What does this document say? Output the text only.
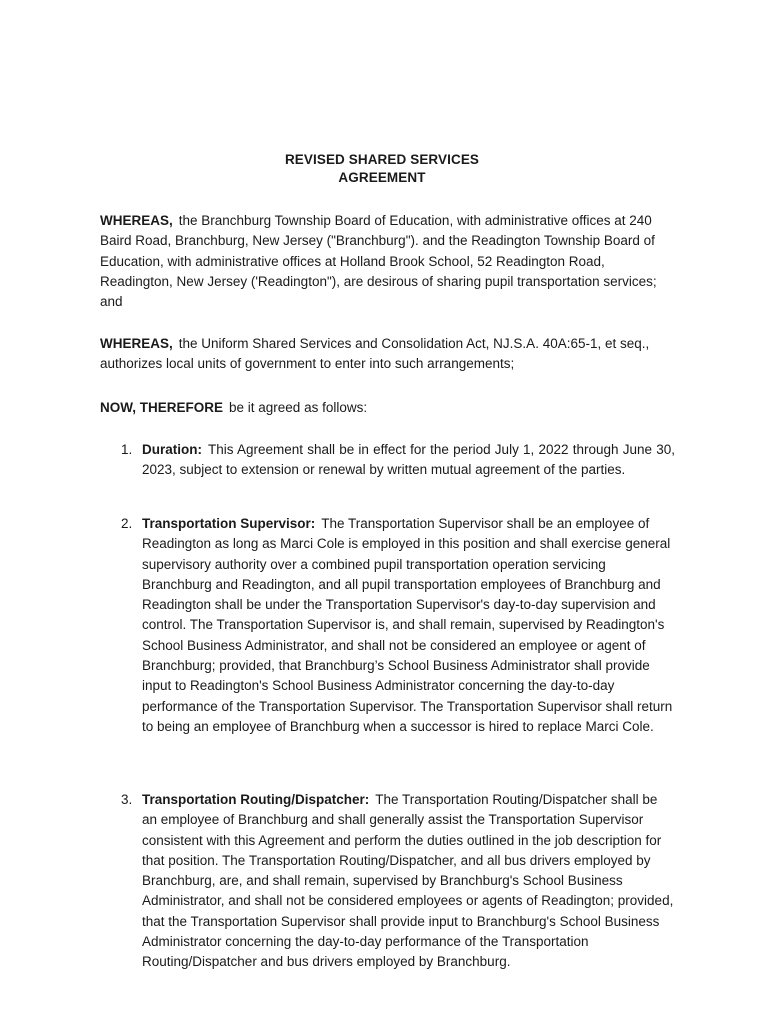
REVISED SHARED SERVICES
AGREEMENT
WHEREAS, the Branchburg Township Board of Education, with administrative offices at 240 Baird Road, Branchburg, New Jersey ("Branchburg"). and the Readington Township Board of Education, with administrative offices at Holland Brook School, 52 Readington Road, Readington, New Jersey ('Readington"), are desirous of sharing pupil transportation services; and
WHEREAS, the Uniform Shared Services and Consolidation Act, NJ.S.A. 40A:65-1, et seq., authorizes local units of government to enter into such arrangements;
NOW, THEREFORE be it agreed as follows:
1. Duration: This Agreement shall be in effect for the period July 1, 2022 through June 30, 2023, subject to extension or renewal by written mutual agreement of the parties.
2. Transportation Supervisor: The Transportation Supervisor shall be an employee of Readington as long as Marci Cole is employed in this position and shall exercise general supervisory authority over a combined pupil transportation operation servicing Branchburg and Readington, and all pupil transportation employees of Branchburg and Readington shall be under the Transportation Supervisor's day-to-day supervision and control. The Transportation Supervisor is, and shall remain, supervised by Readington's School Business Administrator, and shall not be considered an employee or agent of Branchburg; provided, that Branchburg’s School Business Administrator shall provide input to Readington's School Business Administrator concerning the day-to-day performance of the Transportation Supervisor. The Transportation Supervisor shall return to being an employee of Branchburg when a successor is hired to replace Marci Cole.
3. Transportation Routing/Dispatcher: The Transportation Routing/Dispatcher shall be an employee of Branchburg and shall generally assist the Transportation Supervisor consistent with this Agreement and perform the duties outlined in the job description for that position. The Transportation Routing/Dispatcher, and all bus drivers employed by Branchburg, are, and shall remain, supervised by Branchburg's School Business Administrator, and shall not be considered employees or agents of Readington; provided, that the Transportation Supervisor shall provide input to Branchburg's School Business Administrator concerning the day-to-day performance of the Transportation Routing/Dispatcher and bus drivers employed by Branchburg.
